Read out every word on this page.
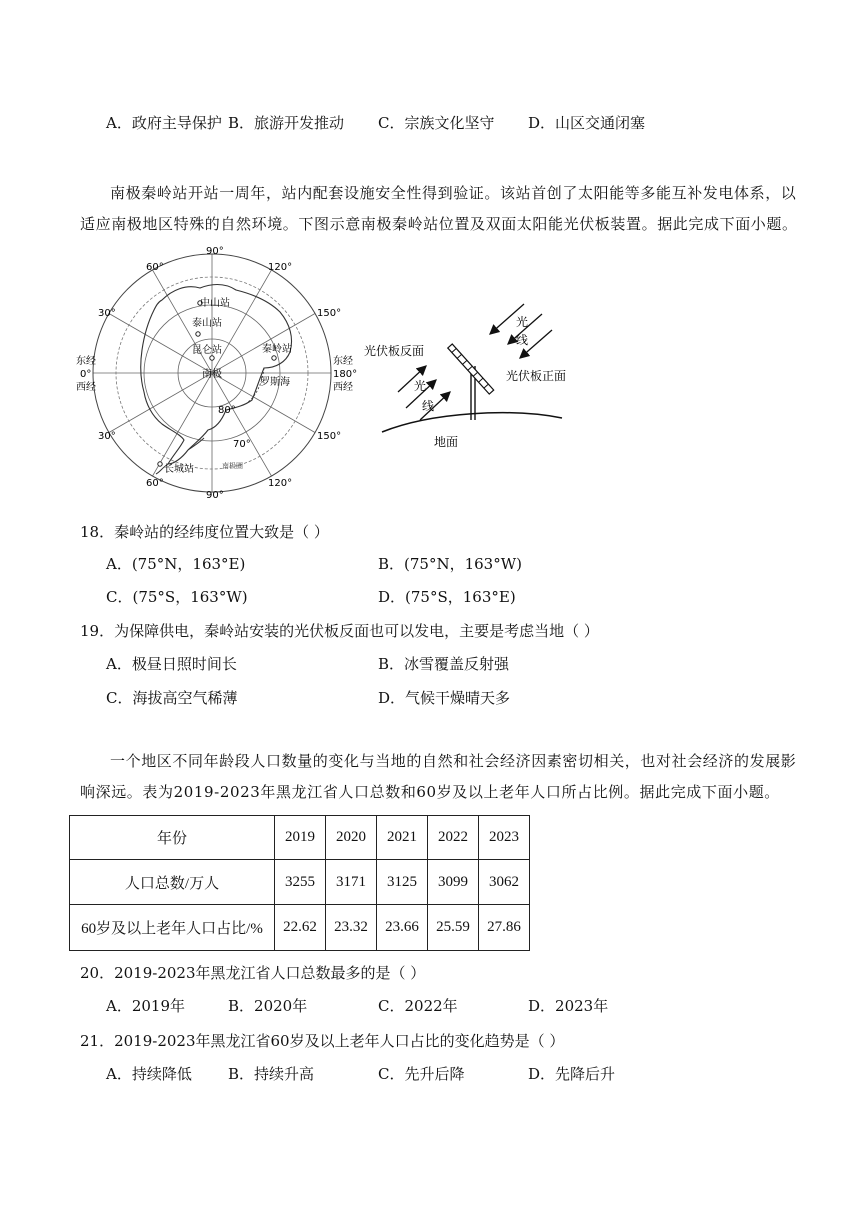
A．政府主导保护 B．旅游开发推动 C．宗族文化坚守 D．山区交通闭塞
南极秦岭站开站一周年，站内配套设施安全性得到验证。该站首创了太阳能等多能互补发电体系，以
适应南极地区特殊的自然环境。下图示意南极秦岭站位置及双面太阳能光伏板装置。据此完成下面小题。
90°
60°	120°
30°	150°
30°	150°
60°
90°
120°
东经
0°
西经
东经
180°
西经
80°
70°
中山站
泰山站
昆仑站	秦岭站
南极
罗斯海
长城站	南极圈
地面
光
线
光
线
光伏板反面
光伏板正面
18．秦岭站的经纬度位置大致是（ ）
A．(75°N，163°E)	B．(75°N，163°W)
C．(75°S，163°W)	D．(75°S，163°E)
19．为保障供电，秦岭站安装的光伏板反面也可以发电，主要是考虑当地（ ）
A．极昼日照时间长	B．冰雪覆盖反射强
C．海拔高空气稀薄	D．气候干燥晴天多
一个地区不同年龄段人口数量的变化与当地的自然和社会经济因素密切相关，也对社会经济的发展影
响深远。表为2019-2023年黑龙江省人口总数和60岁及以上老年人口所占比例。据此完成下面小题。
年份	2019	2020	2021	2022	2023
人口总数/万人	3255	3171	3125	3099	3062
60岁及以上老年人口占比/%	22.62	23.32	23.66	25.59	27.86
20．2019-2023年黑龙江省人口总数最多的是（ ）
A．2019年	B．2020年	C．2022年	D．2023年
21．2019-2023年黑龙江省60岁及以上老年人口占比的变化趋势是（ ）
A．持续降低 B．持续升高	C．先升后降	D．先降后升
